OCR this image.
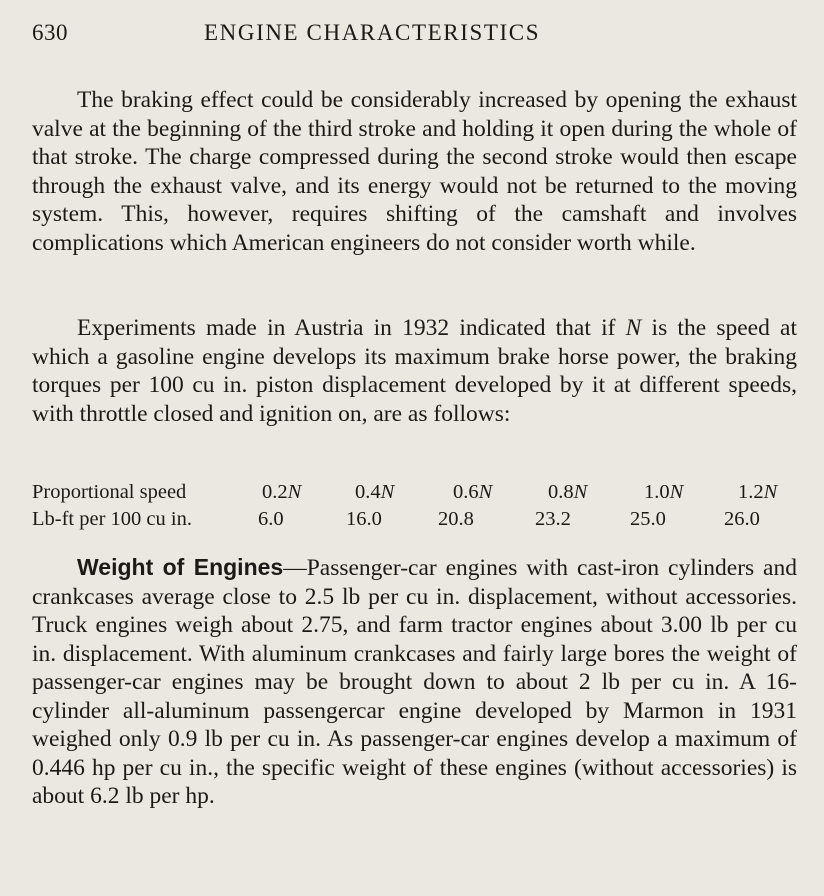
630	ENGINE CHARACTERISTICS

The braking effect could be considerably increased by opening the exhaust valve at the beginning of the third stroke and holding it open during the whole of that stroke. The charge compressed during the second stroke would then escape through the exhaust valve, and its energy would not be returned to the moving system. This, however, requires shifting of the camshaft and involves complications which American engineers do not consider worth while.

Experiments made in Austria in 1932 indicated that if N is the speed at which a gasoline engine develops its maximum brake horse power, the braking torques per 100 cu in. piston displacement developed by it at different speeds, with throttle closed and ignition on, are as follows:

Proportional speed	0.2N	0.4N	0.6N	0.8N	1.0N	1.2N
Lb-ft per 100 cu in.	6.0	16.0	20.8	23.2	25.0	26.0

Weight of Engines—Passenger-car engines with cast-iron cylinders and crankcases average close to 2.5 lb per cu in. displacement, without accessories. Truck engines weigh about 2.75, and farm tractor engines about 3.00 lb per cu in. displacement. With aluminum crankcases and fairly large bores the weight of passenger-car engines may be brought down to about 2 lb per cu in. A 16-cylinder all-aluminum passengercar engine developed by Marmon in 1931 weighed only 0.9 lb per cu in. As passenger-car engines develop a maximum of 0.446 hp per cu in., the specific weight of these engines (without accessories) is about 6.2 lb per hp.
